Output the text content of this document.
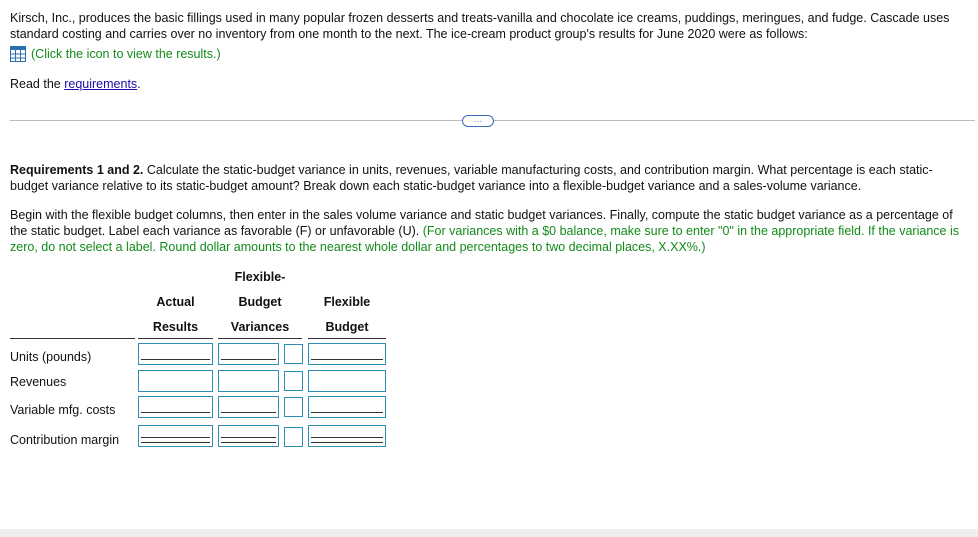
Kirsch, Inc., produces the basic fillings used in many popular frozen desserts and treats-vanilla and chocolate ice creams, puddings, meringues, and fudge. Cascade uses standard costing and carries over no inventory from one month to the next. The ice-cream product group's results for June 2020 were as follows:

(Click the icon to view the results.)

Read the requirements.

…

Requirements 1 and 2. Calculate the static-budget variance in units, revenues, variable manufacturing costs, and contribution margin. What percentage is each static-budget variance relative to its static-budget amount? Break down each static-budget variance into a flexible-budget variance and a sales-volume variance.

Begin with the flexible budget columns, then enter in the sales volume variance and static budget variances. Finally, compute the static budget variance as a percentage of the static budget. Label each variance as favorable (F) or unfavorable (U). (For variances with a $0 balance, make sure to enter "0" in the appropriate field. If the variance is zero, do not select a label. Round dollar amounts to the nearest whole dollar and percentages to two decimal places, X.XX%.)

Flexible-
Actual	Budget	Flexible
Results	Variances	Budget
Units (pounds)
Revenues
Variable mfg. costs
Contribution margin
